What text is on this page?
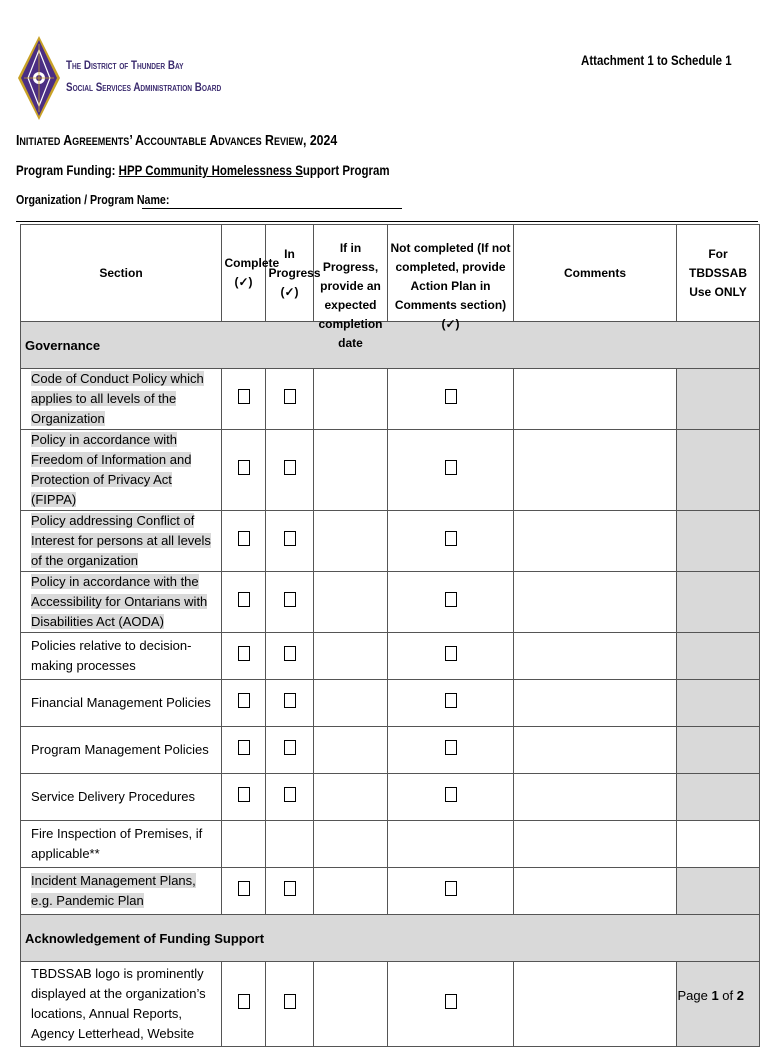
The District of Thunder Bay
Social Services Administration Board
Attachment 1 to Schedule 1
Initiated Agreements’ Accountable Advances Review, 2024
Program Funding: HPP Community Homelessness Support Program
Organization / Program Name:
Section	Complete (✓)	In Progress (✓)	If in Progress, provide an expected completion date	Not completed (If not completed, provide Action Plan in Comments section) (✓)	Comments	For TBDSSAB Use ONLY
Governance						
Code of Conduct Policy which applies to all levels of the Organization						
Policy in accordance with Freedom of Information and Protection of Privacy Act (FIPPA)						
Policy addressing Conflict of Interest for persons at all levels of the organization						
Policy in accordance with the Accessibility for Ontarians with Disabilities Act (AODA)						
Policies relative to decision-making processes						
Financial Management Policies						
Program Management Policies						
Service Delivery Procedures						
Fire Inspection of Premises, if applicable**						
Incident Management Plans, e.g. Pandemic Plan						
Acknowledgement of Funding Support						
TBDSSAB logo is prominently displayed at the organization’s locations, Annual Reports, Agency Letterhead, Website						
Page 1 of 2
